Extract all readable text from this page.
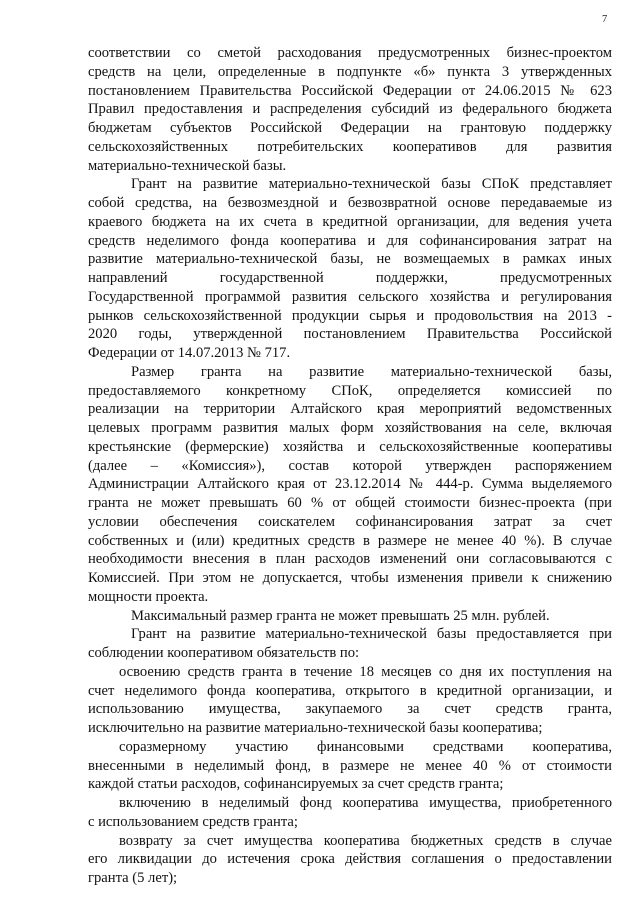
7
соответствии со сметой расходования предусмотренных бизнес-проектом
средств на цели, определенные в подпункте «б» пункта 3 утвержденных
постановлением Правительства Российской Федерации от 24.06.2015 № 623
Правил предоставления и распределения субсидий из федерального бюджета
бюджетам субъектов Российской Федерации на грантовую поддержку
сельскохозяйственных потребительских кооперативов для развития
материально-технической базы.
Грант на развитие материально-технической базы СПоК представляет
собой средства, на безвозмездной и безвозвратной основе передаваемые из
краевого бюджета на их счета в кредитной организации, для ведения учета
средств неделимого фонда кооператива и для софинансирования затрат на
развитие материально-технической базы, не возмещаемых в рамках иных
направлений государственной поддержки, предусмотренных
Государственной программой развития сельского хозяйства и регулирования
рынков сельскохозяйственной продукции сырья и продовольствия на 2013 -
2020 годы, утвержденной постановлением Правительства Российской
Федерации от 14.07.2013 № 717.
Размер гранта на развитие материально-технической базы,
предоставляемого конкретному СПоК, определяется комиссией по
реализации на территории Алтайского края мероприятий ведомственных
целевых программ развития малых форм хозяйствования на селе, включая
крестьянские (фермерские) хозяйства и сельскохозяйственные кооперативы
(далее – «Комиссия»), состав которой утвержден распоряжением
Администрации Алтайского края от 23.12.2014 № 444-р. Сумма выделяемого
гранта не может превышать 60 % от общей стоимости бизнес-проекта (при
условии обеспечения соискателем софинансирования затрат за счет
собственных и (или) кредитных средств в размере не менее 40 %). В случае
необходимости внесения в план расходов изменений они согласовываются с
Комиссией. При этом не допускается, чтобы изменения привели к снижению
мощности проекта.
Максимальный размер гранта не может превышать 25 млн. рублей.
Грант на развитие материально-технической базы предоставляется при
соблюдении кооперативом обязательств по:
освоению средств гранта в течение 18 месяцев со дня их поступления на
счет неделимого фонда кооператива, открытого в кредитной организации, и
использованию имущества, закупаемого за счет средств гранта,
исключительно на развитие материально-технической базы кооператива;
соразмерному участию финансовыми средствами кооператива,
внесенными в неделимый фонд, в размере не менее 40 % от стоимости
каждой статьи расходов, софинансируемых за счет средств гранта;
включению в неделимый фонд кооператива имущества, приобретенного
с использованием средств гранта;
возврату за счет имущества кооператива бюджетных средств в случае
его ликвидации до истечения срока действия соглашения о предоставлении
гранта (5 лет);
